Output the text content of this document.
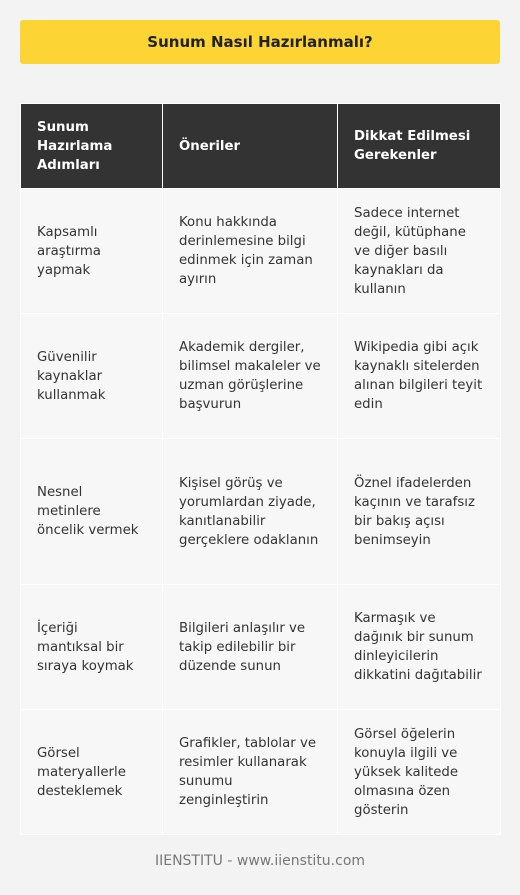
Sunum Nasıl Hazırlanmalı?
Sunum Hazırlama Adımları	Öneriler	Dikkat Edilmesi Gerekenler
Kapsamlı araştırma yapmak	Konu hakkında derinlemesine bilgi edinmek için zaman ayırın	Sadece internet değil, kütüphane ve diğer basılı kaynakları da kullanın
Güvenilir kaynaklar kullanmak	Akademik dergiler, bilimsel makaleler ve uzman görüşlerine başvurun	Wikipedia gibi açık kaynaklı sitelerden alınan bilgileri teyit edin
Nesnel metinlere öncelik vermek	Kişisel görüş ve yorumlardan ziyade, kanıtlanabilir gerçeklere odaklanın	Öznel ifadelerden kaçının ve tarafsız bir bakış açısı benimseyin
İçeriği mantıksal bir sıraya koymak	Bilgileri anlaşılır ve takip edilebilir bir düzende sunun	Karmaşık ve dağınık bir sunum dinleyicilerin dikkatini dağıtabilir
Görsel materyallerle desteklemek	Grafikler, tablolar ve resimler kullanarak sunumu zenginleştirin	Görsel öğelerin konuyla ilgili ve yüksek kalitede olmasına özen gösterin
IIENSTITU - www.iienstitu.com
